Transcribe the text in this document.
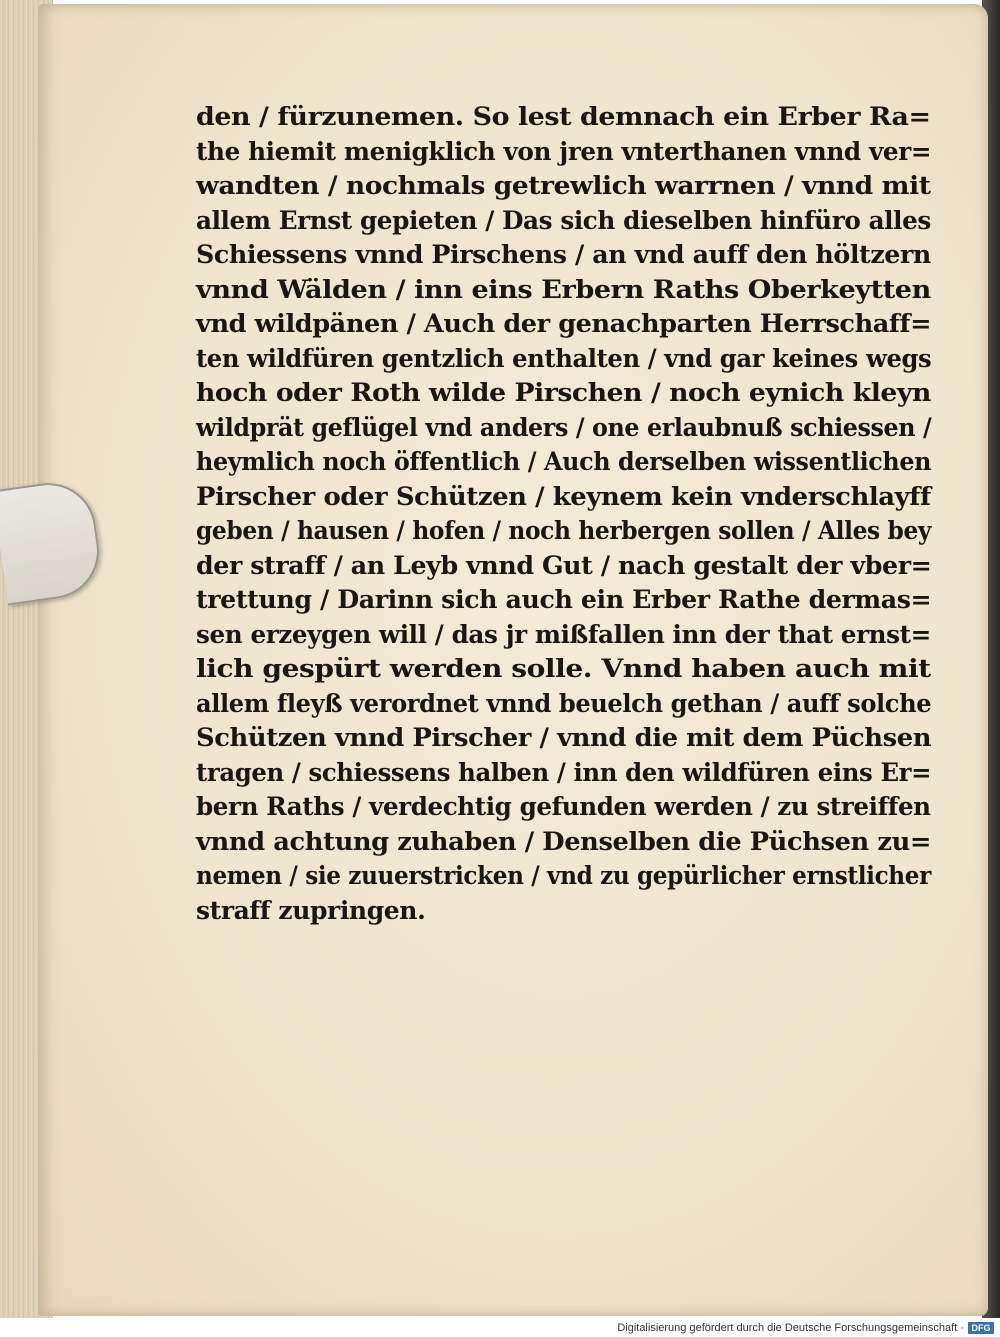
den / fürzunemen. So lest demnach ein Erber Ra=
the hiemit menigklich von jren vnterthanen vnnd ver=
wandten / nochmals getrewlich warrnen / vnnd mit
allem Ernst gepieten / Das sich dieselben hinfüro alles
Schiessens vnnd Pirschens / an vnd auff den höltzern
vnnd Wälden / inn eins Erbern Raths Oberkeytten
vnd wildpänen / Auch der genachparten Herrschaff=
ten wildfüren gentzlich enthalten / vnd gar keines wegs
hoch oder Roth wilde Pirschen / noch eynich kleyn
wildprät geflügel vnd anders / one erlaubnuß schiessen /
heymlich noch öffentlich / Auch derselben wissentlichen
Pirscher oder Schützen / keynem kein vnderschlayff
geben / hausen / hofen / noch herbergen sollen / Alles bey
der straff / an Leyb vnnd Gut / nach gestalt der vber=
trettung / Darinn sich auch ein Erber Rathe dermas=
sen erzeygen will / das jr mißfallen inn der that ernst=
lich gespürt werden solle. Vnnd haben auch mit
allem fleyß verordnet vnnd beuelch gethan / auff solche
Schützen vnnd Pirscher / vnnd die mit dem Püchsen
tragen / schiessens halben / inn den wildfüren eins Er=
bern Raths / verdechtig gefunden werden / zu streiffen
vnnd achtung zuhaben / Denselben die Püchsen zu=
nemen / sie zuuerstricken / vnd zu gepürlicher ernstlicher
straff zupringen.
Digitalisierung gefördert durch die Deutsche Forschungsgemeinschaft · DFG
